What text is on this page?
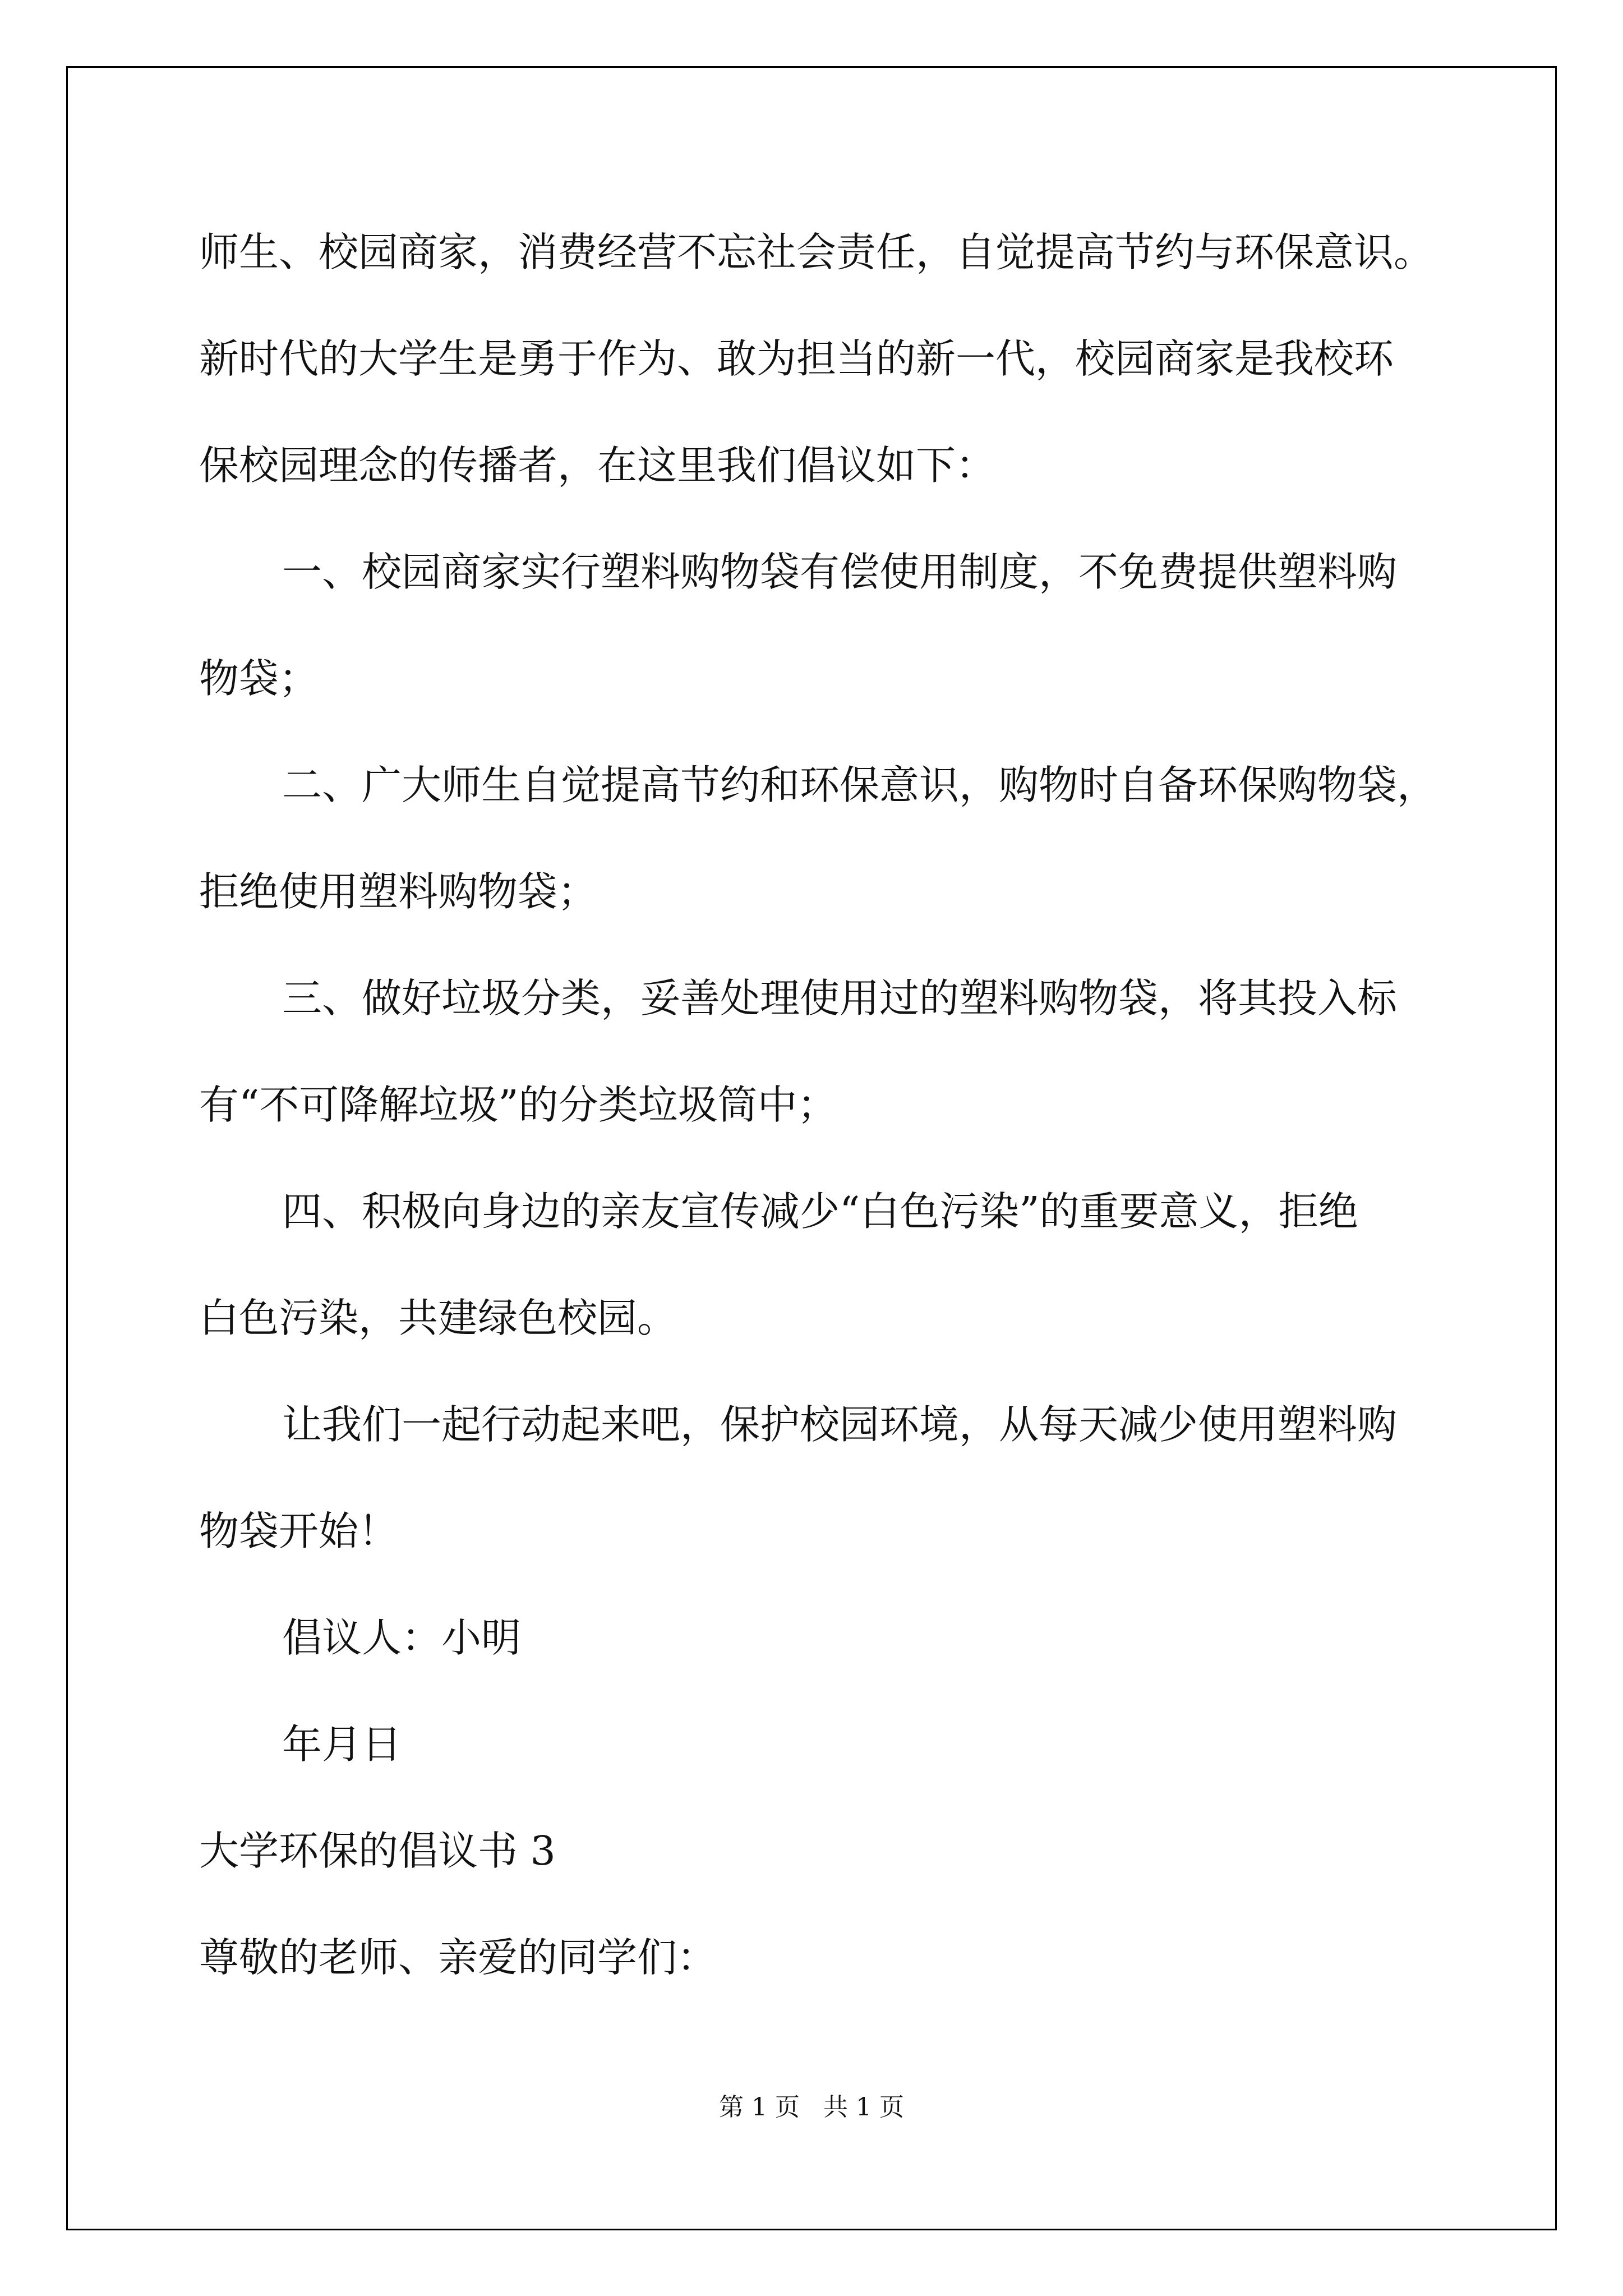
师生、校园商家，消费经营不忘社会责任，自觉提高节约与环保意识。
新时代的大学生是勇于作为、敢为担当的新一代，校园商家是我校环
保校园理念的传播者，在这里我们倡议如下：
一、校园商家实行塑料购物袋有偿使用制度，不免费提供塑料购
物袋；
二、广大师生自觉提高节约和环保意识，购物时自备环保购物袋，
拒绝使用塑料购物袋；
三、做好垃圾分类，妥善处理使用过的塑料购物袋，将其投入标
有“不可降解垃圾”的分类垃圾筒中；
四、积极向身边的亲友宣传减少“白色污染”的重要意义，拒绝
白色污染，共建绿色校园。
让我们一起行动起来吧，保护校园环境，从每天减少使用塑料购
物袋开始！
倡议人：小明
年月日
大学环保的倡议书 3
尊敬的老师、亲爱的同学们：
第 1 页   共 1 页
